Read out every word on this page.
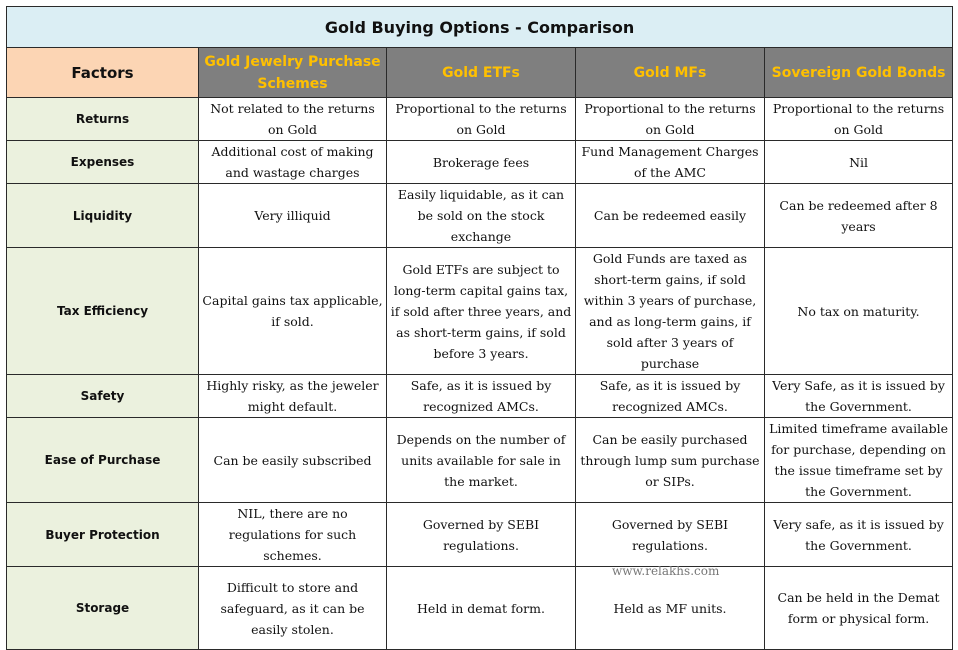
Gold Buying Options - Comparison				
Factors	Gold Jewelry Purchase Schemes	Gold ETFs	Gold MFs	Sovereign Gold Bonds
Returns	Not related to the returns on Gold	Proportional to the returns on Gold	Proportional to the returns on Gold	Proportional to the returns on Gold
Expenses	Additional cost of making and wastage charges	Brokerage fees	Fund Management Charges of the AMC	Nil
Liquidity	Very illiquid	Easily liquidable, as it can be sold on the stock exchange	Can be redeemed easily	Can be redeemed after 8 years
Tax Efficiency	Capital gains tax applicable, if sold.	Gold ETFs are subject to long-term capital gains tax, if sold after three years, and as short-term gains, if sold before 3 years.	Gold Funds are taxed as short-term gains, if sold within 3 years of purchase, and as long-term gains, if sold after 3 years of purchase	No tax on maturity.
Safety	Highly risky, as the jeweler might default.	Safe, as it is issued by recognized AMCs.	Safe, as it is issued by recognized AMCs.	Very Safe, as it is issued by the Government.
Ease of Purchase	Can be easily subscribed	Depends on the number of units available for sale in the market.	Can be easily purchased through lump sum purchase or SIPs.	Limited timeframe available for purchase, depending on the issue timeframe set by the Government.
Buyer Protection	NIL, there are no regulations for such schemes.	Governed by SEBI regulations.	Governed by SEBI regulations.	Very safe, as it is issued by the Government.
Storage	Difficult to store and safeguard, as it can be easily stolen.	Held in demat form.	Held as MF units.	Can be held in the Demat form or physical form.
www.relakhs.com
